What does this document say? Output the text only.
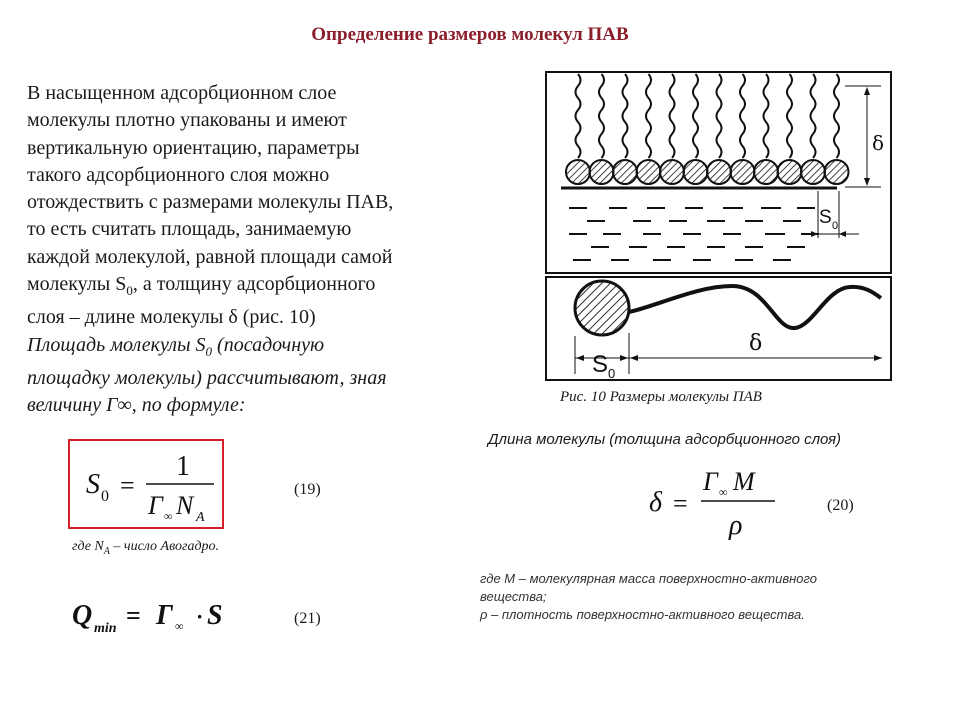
Определение размеров молекул ПАВ
В насыщенном адсорбционном слое
молекулы плотно упакованы и имеют
вертикальную ориентацию, параметры
такого адсорбционного слоя можно
отождествить с размерами молекулы ПАВ,
то есть считать площадь, занимаемую
каждой молекулой, равной площади самой
молекулы $S_0$, а толщину адсорбционного
слоя – длине молекулы δ (рис. 10)
Площадь молекулы $S_0$ (посадочную
площадку молекулы) рассчитывают, зная
величину Г∞, по формуле:
S 0 =
1
Г ∞ N A
(19)
где $N_A$ – число Авогадро.
Q min = Г ∞ · S	(21)
δ
S 0
δ
S 0
Рис. 10 Размеры молекулы ПАВ
Длина молекулы (толщина адсорбционного слоя)
δ =
Г ∞ M
ρ
(20)
где М – молекулярная масса поверхностно-активного
вещества;
ρ – плотность поверхностно-активного вещества.
